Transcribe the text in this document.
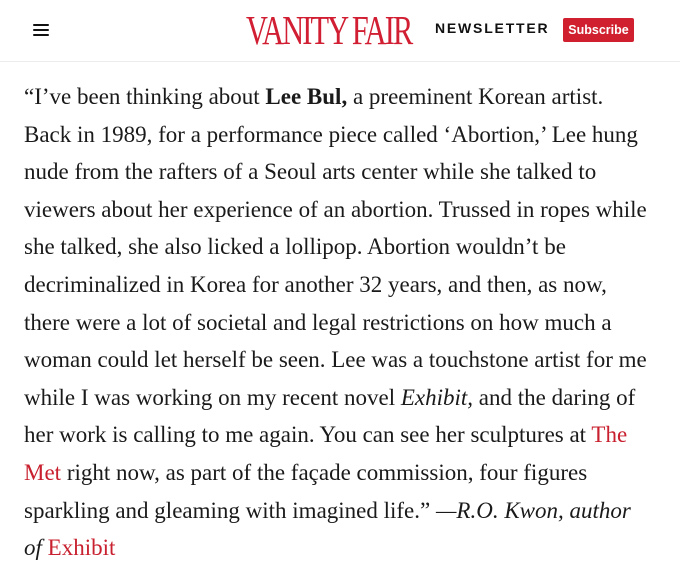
VANITY FAIR NEWSLETTER	Subscribe

“I’ve been thinking about Lee Bul, a preeminent Korean artist.
Back in 1989, for a performance piece called ‘Abortion,’ Lee hung
nude from the rafters of a Seoul arts center while she talked to
viewers about her experience of an abortion. Trussed in ropes while
she talked, she also licked a lollipop. Abortion wouldn’t be
decriminalized in Korea for another 32 years, and then, as now,
there were a lot of societal and legal restrictions on how much a
woman could let herself be seen. Lee was a touchstone artist for me
while I was working on my recent novel Exhibit, and the daring of
her work is calling to me again. You can see her sculptures at The
Met right now, as part of the façade commission, four figures
sparkling and gleaming with imagined life.” —R.O. Kwon, author
of Exhibit
